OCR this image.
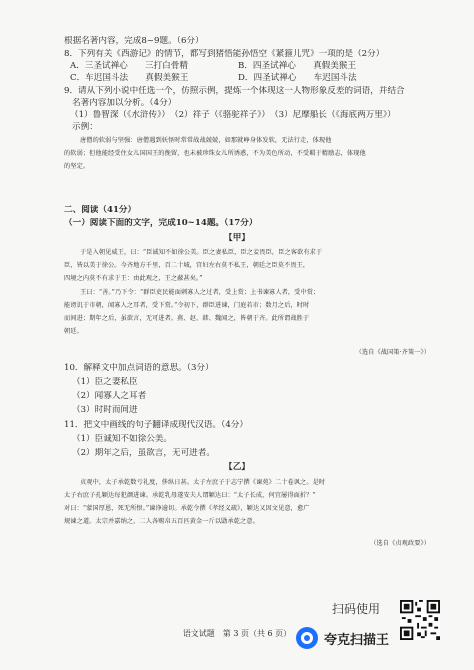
根据名著内容，完成8~9题。（6分）
8．下列有关《西游记》的情节，都写到猪悟能孙悟空《紧箍儿咒》一项的是（2分）
A．三圣试禅心　　三打白骨精	B．四圣试禅心　　真假美猴王
C．车迟国斗法　　真假美猴王	D．四圣试禅心　　车迟国斗法
9．请从下列小说中任选一个，仿照示例，提炼一个体现这一人物形象反差的词语，并结合
名著内容加以分析。（4分）
（1）鲁智深（《水浒传》）　（2）祥子（《骆驼祥子》）　（3）尼摩船长（《海底两万里》）
示例：
唐僧的软弱与坚强：唐僧遇到妖怪时常常战战兢兢，如那就峥身体发软，无法行走，体现他
的软弱；但他能经受住女儿国国王的挽留，也未被珍珠女儿所诱惑，不为美色所动，不受羁于精励志，体现他
的坚定。
二、阅读（41分）
（一）阅读下面的文字，完成10~14题。（17分）
【甲】
于是入朝见威王，曰：“臣诚知不如徐公美。臣之妻私臣，臣之妾畏臣，臣之客欲有求于
臣，皆以美于徐公。今齐地方千里，百二十城，宫妇左右莫不私王，朝廷之臣莫不畏王，
四境之内莫不有求于王：由此观之，王之蔽甚矣。”
王曰：“善。”乃下令：“群臣吏民能面刺寡人之过者，受上赏；上书谏寡人者，受中赏；
能谤讥于市朝，闻寡人之耳者，受下赏。”令初下，群臣进谏，门庭若市；数月之后，时时
而间进；期年之后，虽欲言，无可进者。燕、赵、韩、魏闻之，皆朝于齐。此所谓战胜于
朝廷。
（选自《战国策·齐策一》）
10．解释文中加点词语的意思。（3分）
（1）臣之妻私臣
（2）闻寡人之耳者
（3）时时而间进
11．把文中画线的句子翻译成现代汉语。（4分）
（1）臣诚知不如徐公美。
（2）期年之后，虽欲言，无可进者。
【乙】
贞观中，太子承乾数亏礼度，侈纵日甚。太子左庶子于志宁撰《谏苑》二十卷讽之。是时
太子右庶子孔颖达每犯颜进谏。承乾乳母遂安夫人谓颖达曰：“太子长成，何宜屡得面折？”
对曰：“蒙国厚恩，死无所恨。”谏诤逾切。承乾令撰《孝经义疏》，颖达又因文见意，愈广
规谏之道。太宗并嘉纳之，二人各赐帛五百匹黄金一斤以勖承乾之意。
（选自《贞观政要》）
语文试题　第 3 页（共 6 页）
扫码使用
夸克扫描王
